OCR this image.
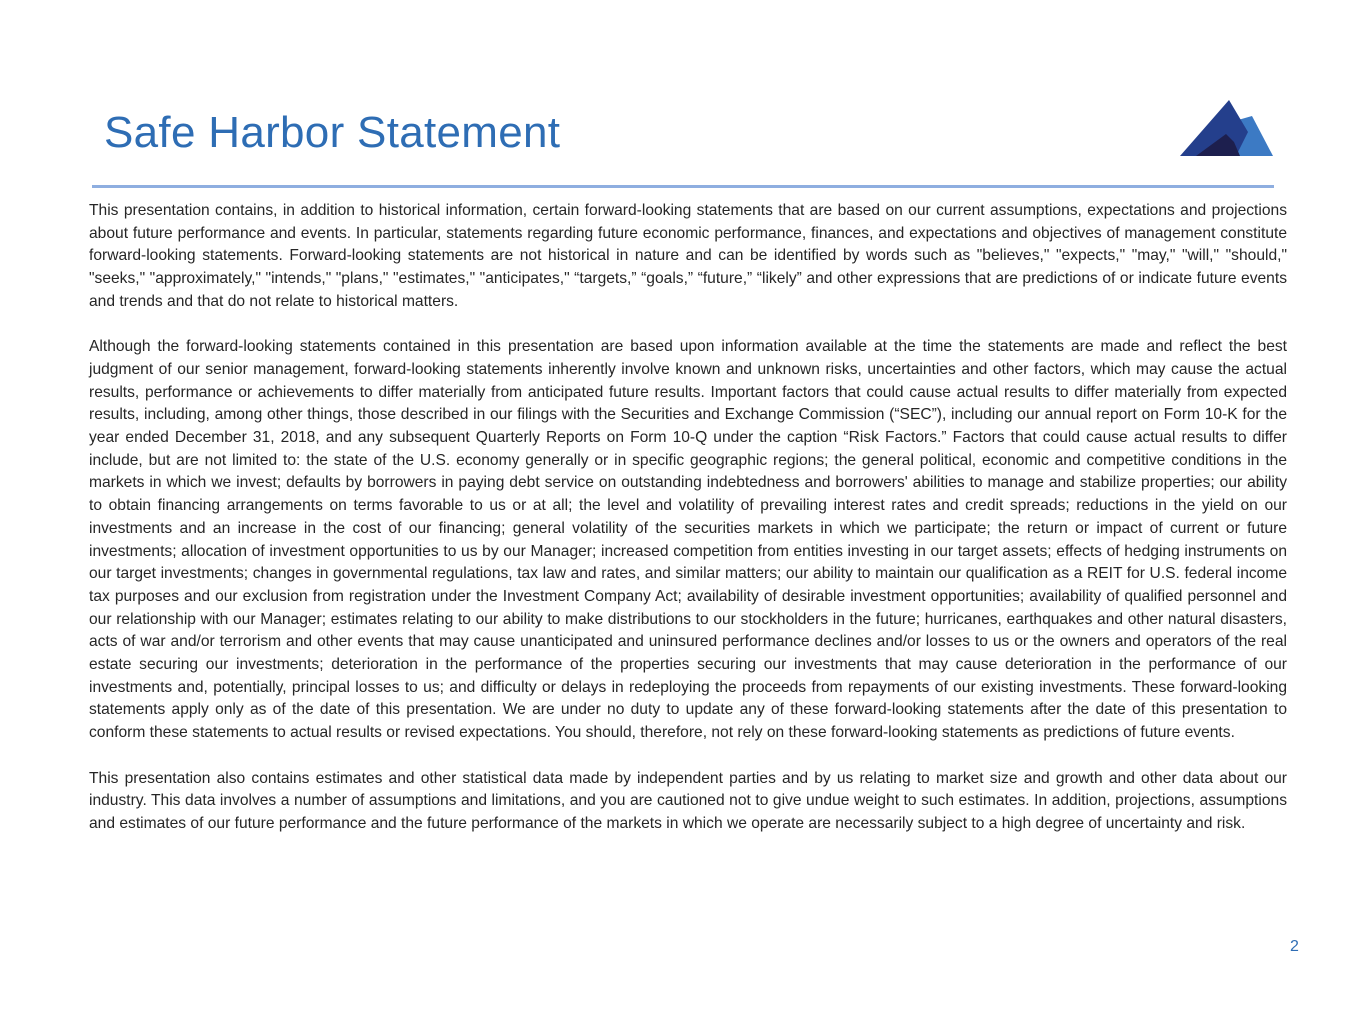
Safe Harbor Statement

This presentation contains, in addition to historical information, certain forward-looking statements that are based on our current assumptions, expectations and projections about future performance and events. In particular, statements regarding future economic performance, finances, and expectations and objectives of management constitute forward-looking statements. Forward-looking statements are not historical in nature and can be identified by words such as "believes," "expects," "may," "will," "should," "seeks," "approximately," "intends," "plans," "estimates," "anticipates," “targets,” “goals,” “future,” “likely” and other expressions that are predictions of or indicate future events and trends and that do not relate to historical matters.

Although the forward-looking statements contained in this presentation are based upon information available at the time the statements are made and reflect the best judgment of our senior management, forward-looking statements inherently involve known and unknown risks, uncertainties and other factors, which may cause the actual results, performance or achievements to differ materially from anticipated future results. Important factors that could cause actual results to differ materially from expected results, including, among other things, those described in our filings with the Securities and Exchange Commission (“SEC”), including our annual report on Form 10-K for the year ended December 31, 2018, and any subsequent Quarterly Reports on Form 10-Q under the caption “Risk Factors.” Factors that could cause actual results to differ include, but are not limited to: the state of the U.S. economy generally or in specific geographic regions; the general political, economic and competitive conditions in the markets in which we invest; defaults by borrowers in paying debt service on outstanding indebtedness and borrowers' abilities to manage and stabilize properties; our ability to obtain financing arrangements on terms favorable to us or at all; the level and volatility of prevailing interest rates and credit spreads; reductions in the yield on our investments and an increase in the cost of our financing; general volatility of the securities markets in which we participate; the return or impact of current or future investments; allocation of investment opportunities to us by our Manager; increased competition from entities investing in our target assets; effects of hedging instruments on our target investments; changes in governmental regulations, tax law and rates, and similar matters; our ability to maintain our qualification as a REIT for U.S. federal income tax purposes and our exclusion from registration under the Investment Company Act; availability of desirable investment opportunities; availability of qualified personnel and our relationship with our Manager; estimates relating to our ability to make distributions to our stockholders in the future; hurricanes, earthquakes and other natural disasters, acts of war and/or terrorism and other events that may cause unanticipated and uninsured performance declines and/or losses to us or the owners and operators of the real estate securing our investments; deterioration in the performance of the properties securing our investments that may cause deterioration in the performance of our investments and, potentially, principal losses to us; and difficulty or delays in redeploying the proceeds from repayments of our existing investments. These forward-looking statements apply only as of the date of this presentation. We are under no duty to update any of these forward-looking statements after the date of this presentation to conform these statements to actual results or revised expectations. You should, therefore, not rely on these forward-looking statements as predictions of future events.

This presentation also contains estimates and other statistical data made by independent parties and by us relating to market size and growth and other data about our industry. This data involves a number of assumptions and limitations, and you are cautioned not to give undue weight to such estimates. In addition, projections, assumptions and estimates of our future performance and the future performance of the markets in which we operate are necessarily subject to a high degree of uncertainty and risk.

2
